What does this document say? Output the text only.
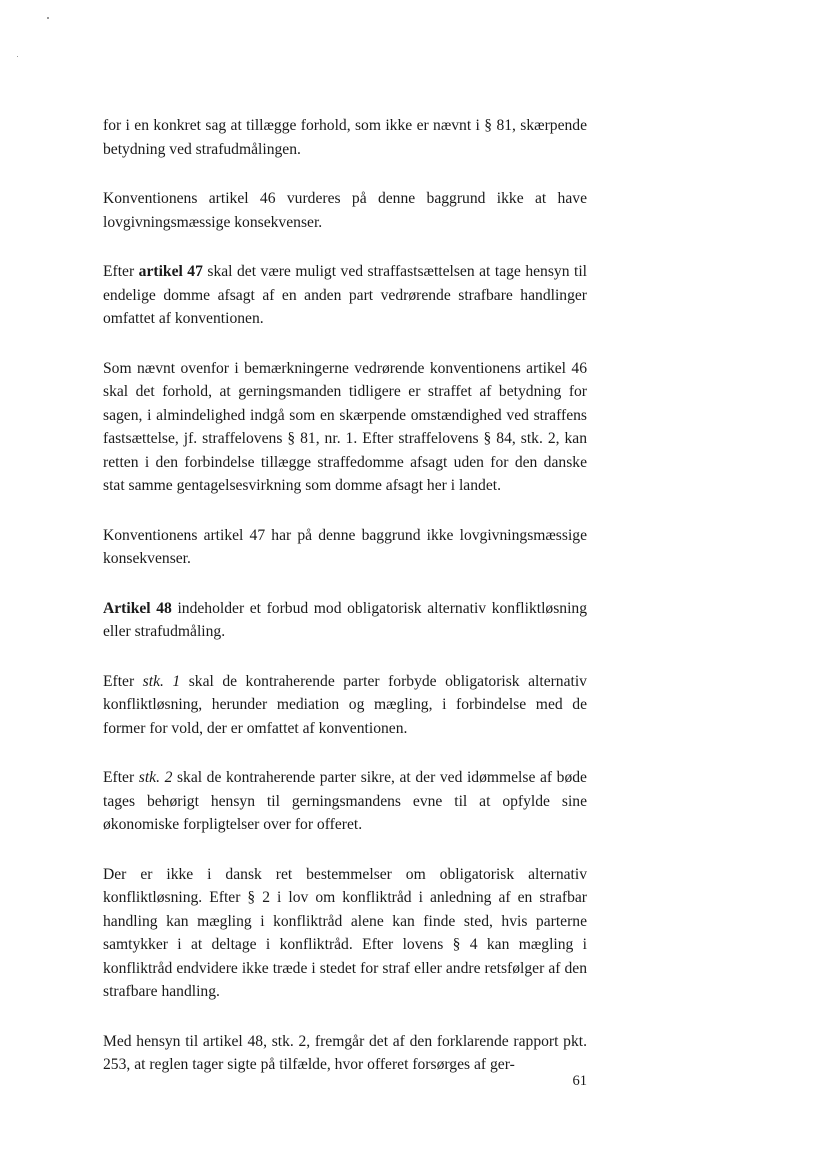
for i en konkret sag at tillægge forhold, som ikke er nævnt i § 81, skærpende betydning ved strafudmålingen.

Konventionens artikel 46 vurderes på denne baggrund ikke at have lovgivningsmæssige konsekvenser.

Efter artikel 47 skal det være muligt ved straffastsættelsen at tage hensyn til endelige domme afsagt af en anden part vedrørende strafbare handlinger omfattet af konventionen.

Som nævnt ovenfor i bemærkningerne vedrørende konventionens artikel 46 skal det forhold, at gerningsmanden tidligere er straffet af betydning for sagen, i almindelighed indgå som en skærpende omstændighed ved straffens fastsættelse, jf. straffelovens § 81, nr. 1. Efter straffelovens § 84, stk. 2, kan retten i den forbindelse tillægge straffedomme afsagt uden for den danske stat samme gentagelsesvirkning som domme afsagt her i landet.

Konventionens artikel 47 har på denne baggrund ikke lovgivningsmæssige konsekvenser.

Artikel 48 indeholder et forbud mod obligatorisk alternativ konfliktløsning eller strafudmåling.

Efter stk. 1 skal de kontraherende parter forbyde obligatorisk alternativ konfliktløsning, herunder mediation og mægling, i forbindelse med de former for vold, der er omfattet af konventionen.

Efter stk. 2 skal de kontraherende parter sikre, at der ved idømmelse af bøde tages behørigt hensyn til gerningsmandens evne til at opfylde sine økonomiske forpligtelser over for offeret.

Der er ikke i dansk ret bestemmelser om obligatorisk alternativ konfliktløsning. Efter § 2 i lov om konfliktråd i anledning af en strafbar handling kan mægling i konfliktråd alene kan finde sted, hvis parterne samtykker i at deltage i konfliktråd. Efter lovens § 4 kan mægling i konfliktråd endvidere ikke træde i stedet for straf eller andre retsfølger af den strafbare handling.

Med hensyn til artikel 48, stk. 2, fremgår det af den forklarende rapport pkt. 253, at reglen tager sigte på tilfælde, hvor offeret forsørges af ger-

61
